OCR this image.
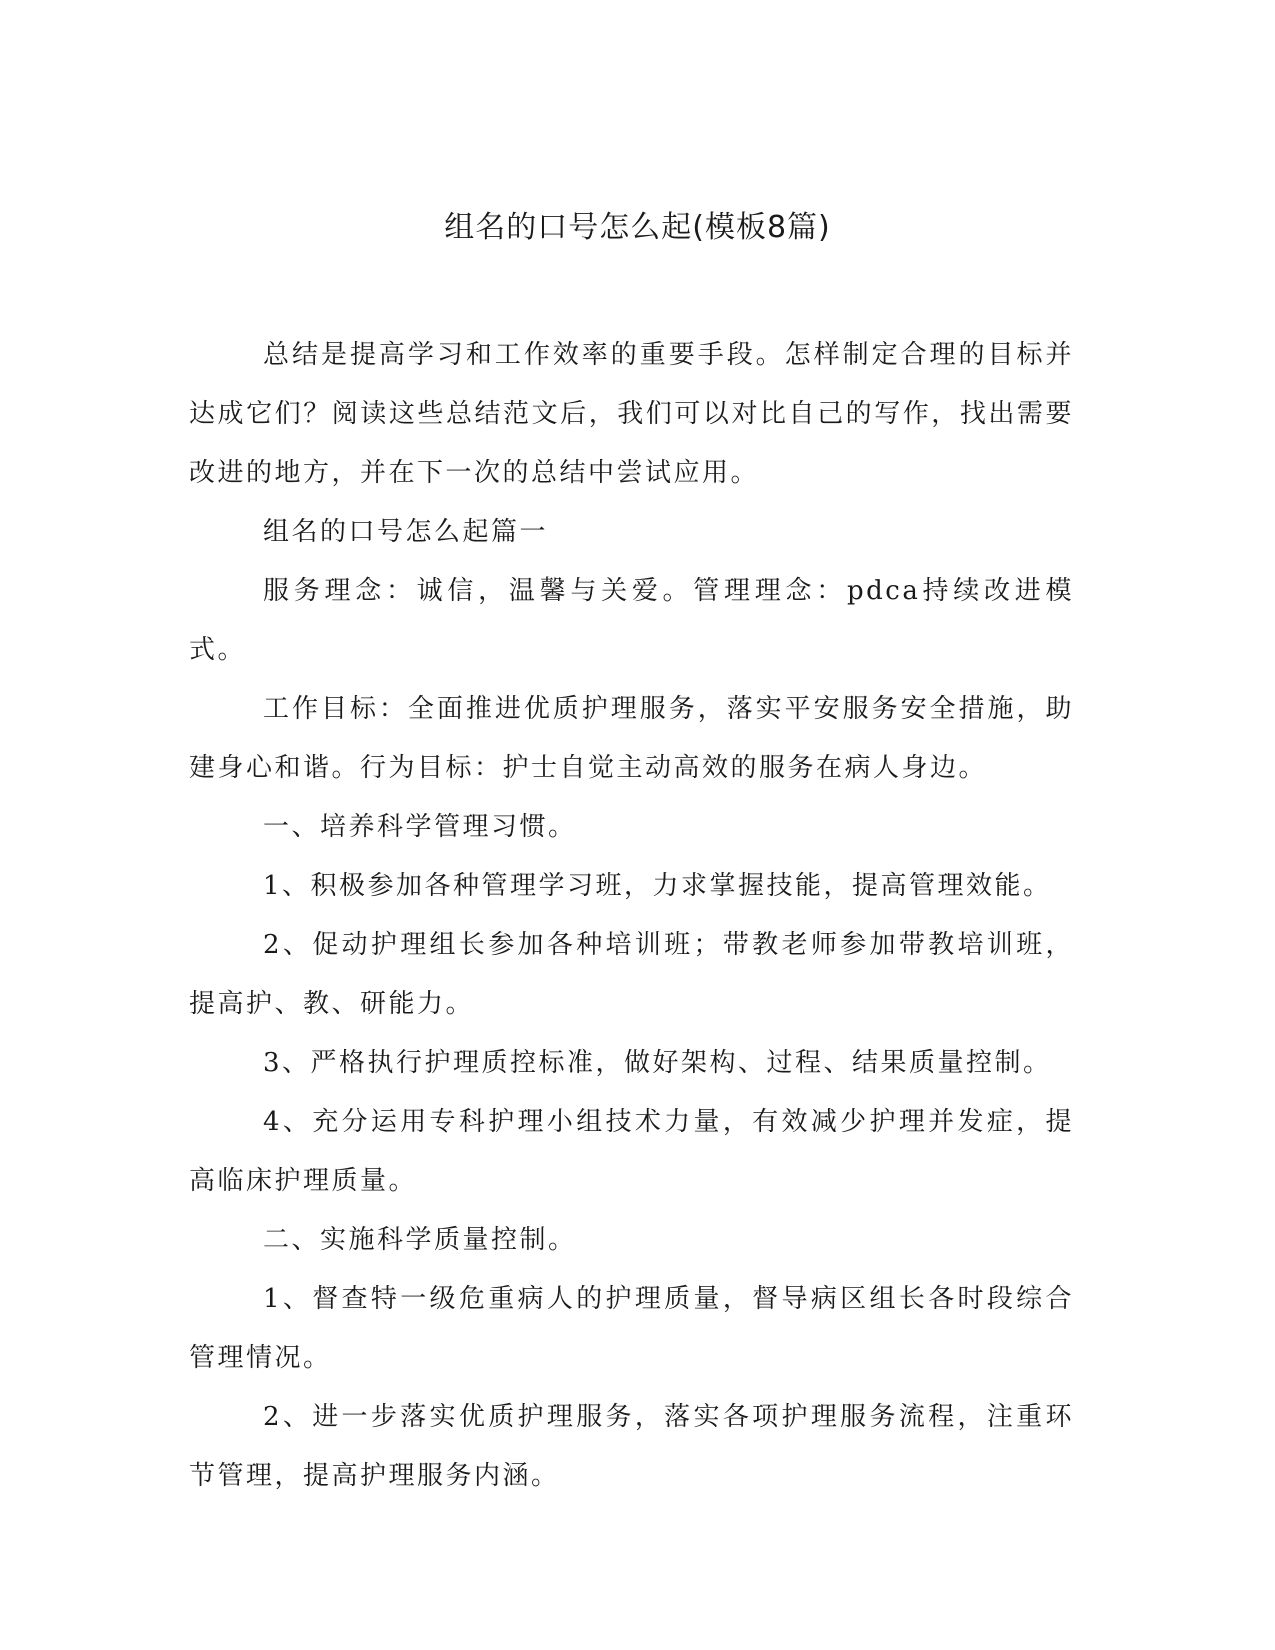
组名的口号怎么起(模板8篇)

总结是提高学习和工作效率的重要手段。怎样制定合理的目标并达成它们？阅读这些总结范文后，我们可以对比自己的写作，找出需要改进的地方，并在下一次的总结中尝试应用。

组名的口号怎么起篇一

服务理念：诚信，温馨与关爱。管理理念：pdca持续改进模式。

工作目标：全面推进优质护理服务，落实平安服务安全措施，助建身心和谐。行为目标：护士自觉主动高效的服务在病人身边。

一、培养科学管理习惯。

1、积极参加各种管理学习班，力求掌握技能，提高管理效能。

2、促动护理组长参加各种培训班；带教老师参加带教培训班，提高护、教、研能力。

3、严格执行护理质控标准，做好架构、过程、结果质量控制。

4、充分运用专科护理小组技术力量，有效减少护理并发症，提高临床护理质量。

二、实施科学质量控制。

1、督查特一级危重病人的护理质量，督导病区组长各时段综合管理情况。

2、进一步落实优质护理服务，落实各项护理服务流程，注重环节管理，提高护理服务内涵。
